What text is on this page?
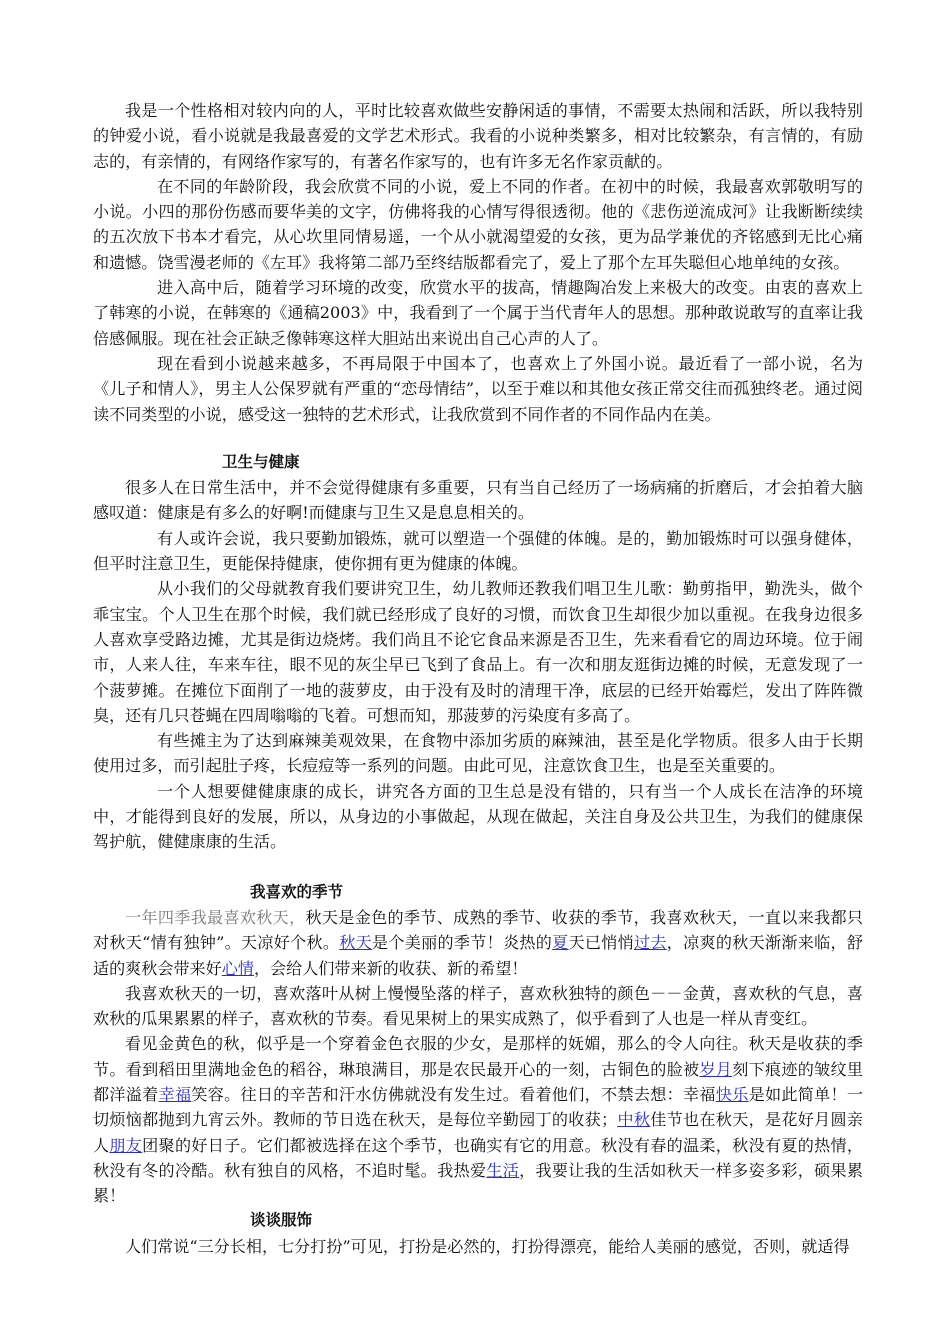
我是一个性格相对较内向的人，平时比较喜欢做些安静闲适的事情，不需要太热闹和活跃，所以我特别的钟爱小说，看小说就是我最喜爱的文学艺术形式。我看的小说种类繁多，相对比较繁杂，有言情的，有励志的，有亲情的，有网络作家写的，有著名作家写的，也有许多无名作家贡献的。

在不同的年龄阶段，我会欣赏不同的小说，爱上不同的作者。在初中的时候，我最喜欢郭敬明写的小说。小四的那份伤感而要华美的文字，仿佛将我的心情写得很透彻。他的《悲伤逆流成河》让我断断续续的五次放下书本才看完，从心坎里同情易遥，一个从小就渴望爱的女孩，更为品学兼优的齐铭感到无比心痛和遗憾。饶雪漫老师的《左耳》我将第二部乃至终结版都看完了，爱上了那个左耳失聪但心地单纯的女孩。

进入高中后，随着学习环境的改变，欣赏水平的拔高，情趣陶冶发上来极大的改变。由衷的喜欢上了韩寒的小说，在韩寒的《通稿2003》中，我看到了一个属于当代青年人的思想。那种敢说敢写的直率让我倍感佩服。现在社会正缺乏像韩寒这样大胆站出来说出自己心声的人了。

现在看到小说越来越多，不再局限于中国本了，也喜欢上了外国小说。最近看了一部小说，名为《儿子和情人》，男主人公保罗就有严重的“恋母情结”，以至于难以和其他女孩正常交往而孤独终老。通过阅读不同类型的小说，感受这一独特的艺术形式，让我欣赏到不同作者的不同作品内在美。

卫生与健康

很多人在日常生活中，并不会觉得健康有多重要，只有当自己经历了一场病痛的折磨后，才会拍着大脑感叹道：健康是有多么的好啊!而健康与卫生又是息息相关的。

有人或许会说，我只要勤加锻炼，就可以塑造一个强健的体魄。是的，勤加锻炼时可以强身健体，但平时注意卫生，更能保持健康，使你拥有更为健康的体魄。

从小我们的父母就教育我们要讲究卫生，幼儿教师还教我们唱卫生儿歌：勤剪指甲，勤洗头，做个乖宝宝。个人卫生在那个时候，我们就已经形成了良好的习惯，而饮食卫生却很少加以重视。在我身边很多人喜欢享受路边摊，尤其是街边烧烤。我们尚且不论它食品来源是否卫生，先来看看它的周边环境。位于闹市，人来人往，车来车往，眼不见的灰尘早已飞到了食品上。有一次和朋友逛街边摊的时候，无意发现了一个菠萝摊。在摊位下面削了一地的菠萝皮，由于没有及时的清理干净，底层的已经开始霉烂，发出了阵阵微臭，还有几只苍蝇在四周嗡嗡的飞着。可想而知，那菠萝的污染度有多高了。

有些摊主为了达到麻辣美观效果，在食物中添加劣质的麻辣油，甚至是化学物质。很多人由于长期使用过多，而引起肚子疼，长痘痘等一系列的问题。由此可见，注意饮食卫生，也是至关重要的。

一个人想要健健康康的成长，讲究各方面的卫生总是没有错的，只有当一个人成长在洁净的环境中，才能得到良好的发展，所以，从身边的小事做起，从现在做起，关注自身及公共卫生，为我们的健康保驾护航，健健康康的生活。

我喜欢的季节

一年四季我最喜欢秋天，秋天是金色的季节、成熟的季节、收获的季节，我喜欢秋天，一直以来我都只对秋天“情有独钟”。天凉好个秋。秋天是个美丽的季节！炎热的夏天已悄悄过去，凉爽的秋天渐渐来临，舒适的爽秋会带来好心情，会给人们带来新的收获、新的希望！

我喜欢秋天的一切，喜欢落叶从树上慢慢坠落的样子，喜欢秋独特的颜色－－金黄，喜欢秋的气息，喜欢秋的瓜果累累的样子，喜欢秋的节奏。看见果树上的果实成熟了，似乎看到了人也是一样从青变红。

看见金黄色的秋，似乎是一个穿着金色衣服的少女，是那样的妩媚，那么的令人向往。秋天是收获的季节。看到稻田里满地金色的稻谷，琳琅满目，那是农民最开心的一刻，古铜色的脸被岁月刻下痕迹的皱纹里都洋溢着幸福笑容。往日的辛苦和汗水仿佛就没有发生过。看着他们，不禁去想：幸福快乐是如此简单！一切烦恼都抛到九宵云外。教师的节日选在秋天，是每位辛勤园丁的收获；中秋佳节也在秋天，是花好月圆亲人朋友团聚的好日子。它们都被选择在这个季节，也确实有它的用意。秋没有春的温柔，秋没有夏的热情，秋没有冬的冷酷。秋有独自的风格，不追时髦。我热爱生活，我要让我的生活如秋天一样多姿多彩，硕果累累！

谈谈服饰

人们常说“三分长相，七分打扮”可见，打扮是必然的，打扮得漂亮，能给人美丽的感觉，否则，就适得
